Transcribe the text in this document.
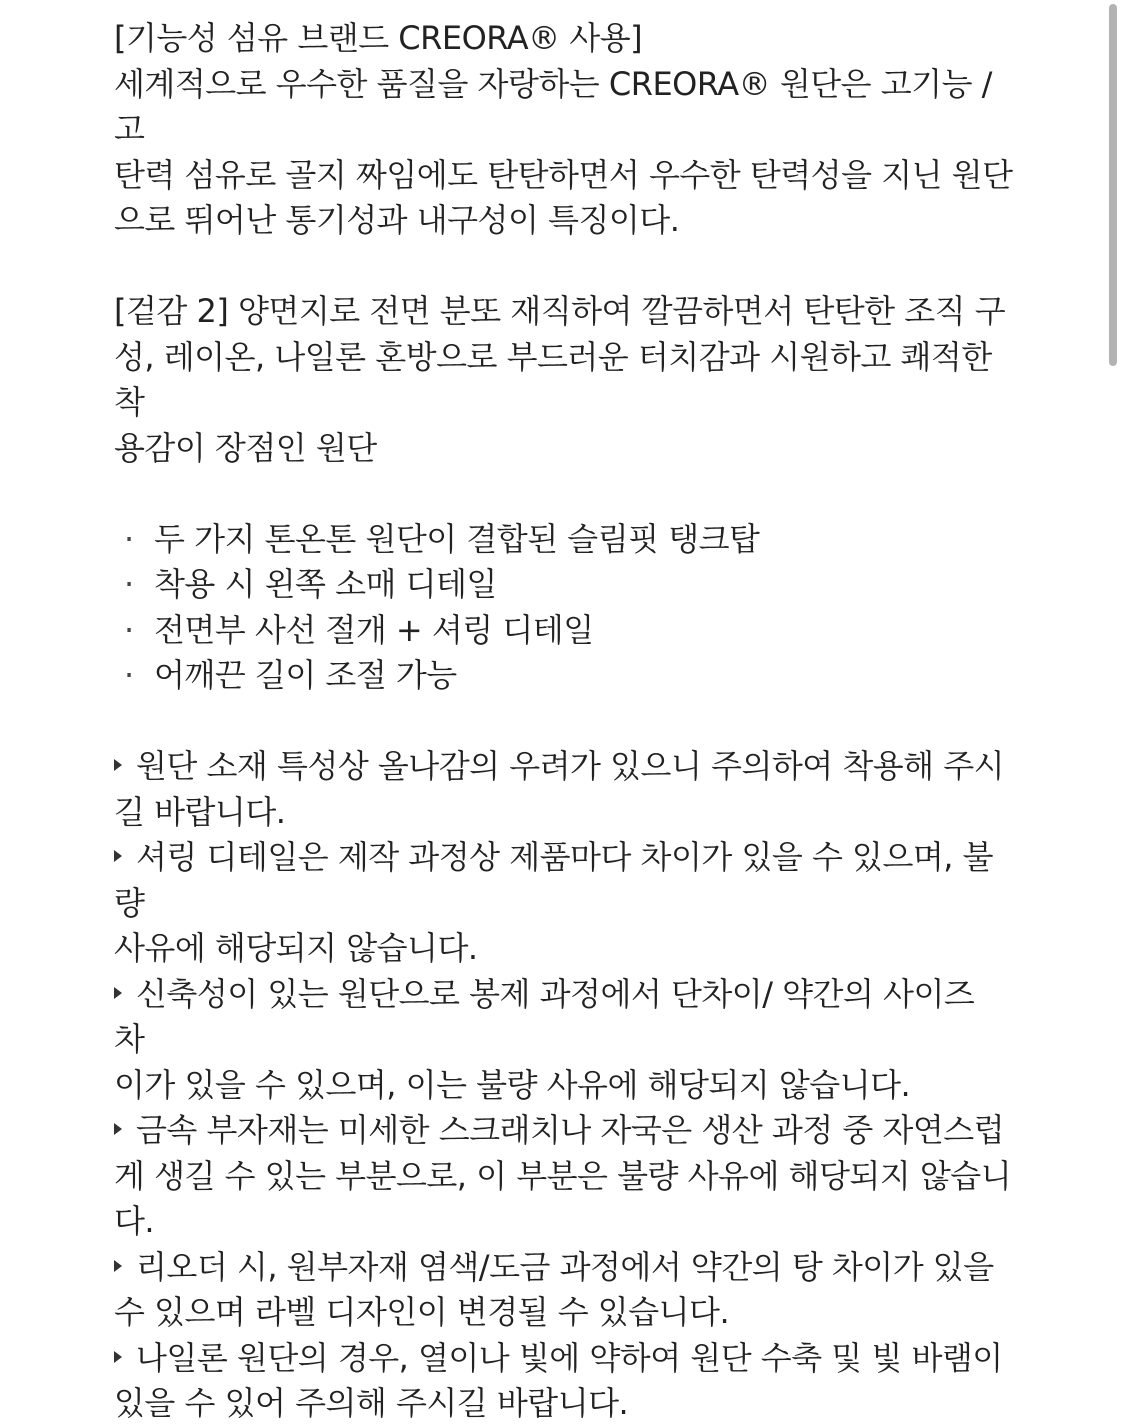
[기능성 섬유 브랜드 CREORA® 사용]

세계적으로 우수한 품질을 자랑하는 CREORA® 원단은 고기능 / 고
탄력 섬유로 골지 짜임에도 탄탄하면서 우수한 탄력성을 지닌 원단
으로 뛰어난 통기성과 내구성이 특징이다.

[겉감 2] 양면지로 전면 분또 재직하여 깔끔하면서 탄탄한 조직 구
성, 레이온, 나일론 혼방으로 부드러운 터치감과 시원하고 쾌적한 착
용감이 장점인 원단

· 두 가지 톤온톤 원단이 결합된 슬림핏 탱크탑
· 착용 시 왼쪽 소매 디테일
· 전면부 사선 절개 + 셔링 디테일
· 어깨끈 길이 조절 가능

원단 소재 특성상 올나감의 우려가 있으니 주의하여 착용해 주시
길 바랍니다.

셔링 디테일은 제작 과정상 제품마다 차이가 있을 수 있으며, 불량
사유에 해당되지 않습니다.

신축성이 있는 원단으로 봉제 과정에서 단차이/ 약간의 사이즈 차
이가 있을 수 있으며, 이는 불량 사유에 해당되지 않습니다.

금속 부자재는 미세한 스크래치나 자국은 생산 과정 중 자연스럽
게 생길 수 있는 부분으로, 이 부분은 불량 사유에 해당되지 않습니
다.

리오더 시, 원부자재 염색/도금 과정에서 약간의 탕 차이가 있을
수 있으며 라벨 디자인이 변경될 수 있습니다.

나일론 원단의 경우, 열이나 빛에 약하여 원단 수축 및 빛 바램이
있을 수 있어 주의해 주시길 바랍니다.
